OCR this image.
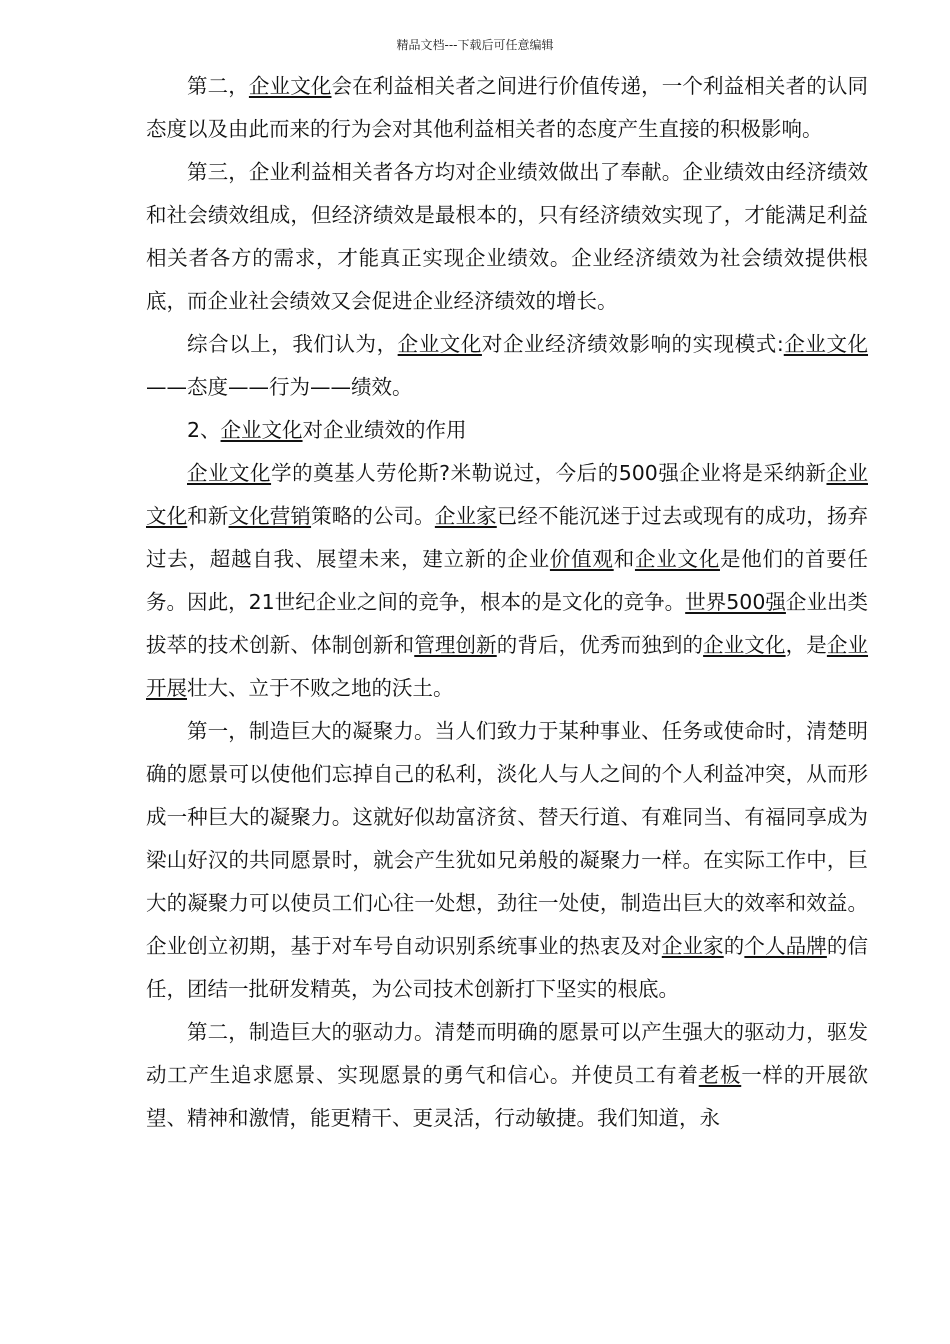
精品文档---下载后可任意编辑

第二，企业文化会在利益相关者之间进行价值传递，一个利益相关者的认同态度以及由此而来的行为会对其他利益相关者的态度产生直接的积极影响。

第三，企业利益相关者各方均对企业绩效做出了奉献。企业绩效由经济绩效和社会绩效组成，但经济绩效是最根本的，只有经济绩效实现了，才能满足利益相关者各方的需求，才能真正实现企业绩效。企业经济绩效为社会绩效提供根底，而企业社会绩效又会促进企业经济绩效的增长。

综合以上，我们认为，企业文化对企业经济绩效影响的实现模式:企业文化——态度——行为——绩效。

2、企业文化对企业绩效的作用

企业文化学的奠基人劳伦斯?米勒说过，今后的500强企业将是采纳新企业文化和新文化营销策略的公司。企业家已经不能沉迷于过去或现有的成功，扬弃过去，超越自我、展望未来，建立新的企业价值观和企业文化是他们的首要任务。因此，21世纪企业之间的竞争，根本的是文化的竞争。世界500强企业出类拔萃的技术创新、体制创新和管理创新的背后，优秀而独到的企业文化，是企业开展壮大、立于不败之地的沃土。

第一，制造巨大的凝聚力。当人们致力于某种事业、任务或使命时，清楚明确的愿景可以使他们忘掉自己的私利，淡化人与人之间的个人利益冲突，从而形成一种巨大的凝聚力。这就好似劫富济贫、替天行道、有难同当、有福同享成为梁山好汉的共同愿景时，就会产生犹如兄弟般的凝聚力一样。在实际工作中，巨大的凝聚力可以使员工们心往一处想，劲往一处使，制造出巨大的效率和效益。企业创立初期，基于对车号自动识别系统事业的热衷及对企业家的个人品牌的信任，团结一批研发精英，为公司技术创新打下坚实的根底。

第二，制造巨大的驱动力。清楚而明确的愿景可以产生强大的驱动力，驱发动工产生追求愿景、实现愿景的勇气和信心。并使员工有着老板一样的开展欲望、精神和激情，能更精干、更灵活，行动敏捷。我们知道，永
